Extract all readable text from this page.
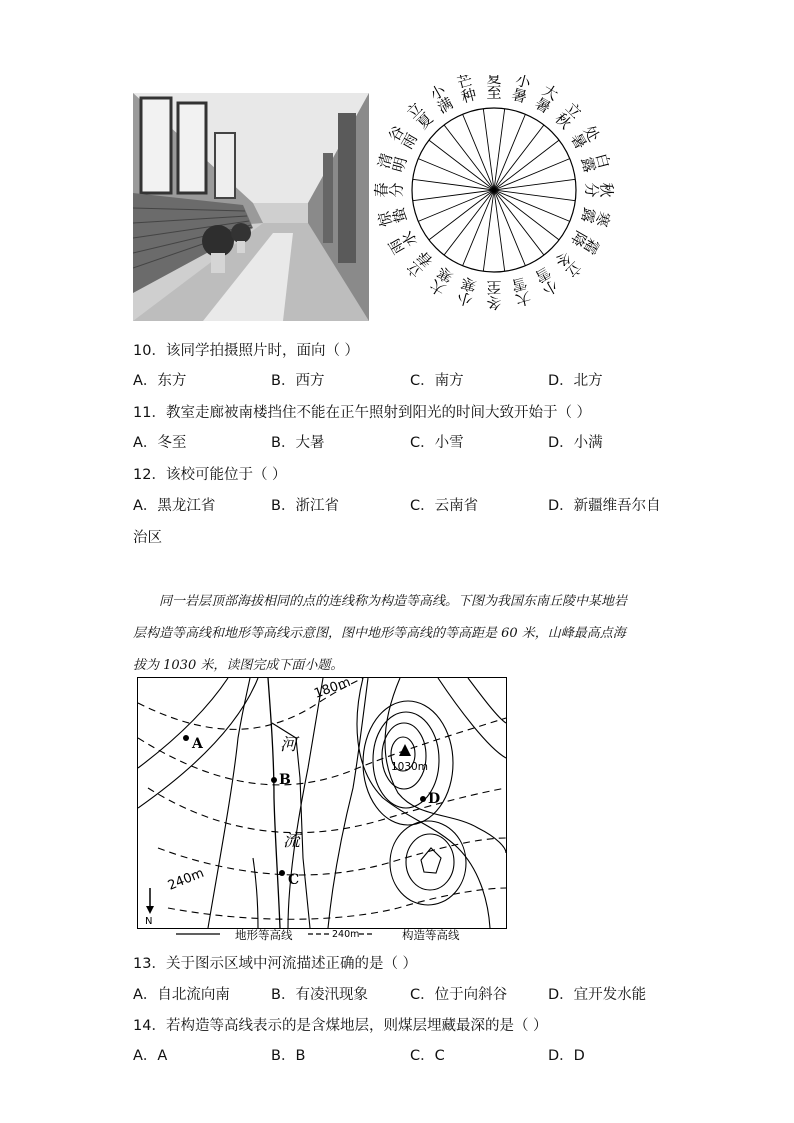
夏
至
小
暑 大
暑 立
秋
处
暑
白
露
秋
分
寒
露
霜
降
立
冬
小
雪
大
雪
冬
至
小
寒
大
寒
立
春
雨
水
惊
蛰
春
分
清
明
谷
雨
立
夏
小
满
芒
种
10．该同学拍摄照片时，面向（ ）
A．东方	B．西方	C．南方	D．北方
11．教室走廊被南楼挡住不能在正午照射到阳光的时间大致开始于（ ）
A．冬至	B．大暑	C．小雪	D．小满
12．该校可能位于（ ）
A．黑龙江省	B．浙江省	C．云南省	D．新疆维吾尔自
治区
同一岩层顶部海拔相同的点的连线称为构造等高线。下图为我国东南丘陵中某地岩
层构造等高线和地形等高线示意图，图中地形等高线的等高距是 60 米，山峰最高点海
拔为 1030 米，读图完成下面小题。
180m
240m
1030m
河
流
A
B
C
D
N
地形等高线	240m	构造等高线
13．关于图示区域中河流描述正确的是（ ）
A．自北流向南	B．有凌汛现象	C．位于向斜谷	D．宜开发水能
14．若构造等高线表示的是含煤地层，则煤层埋藏最深的是（ ）
A．A	B．B	C．C	D．D
